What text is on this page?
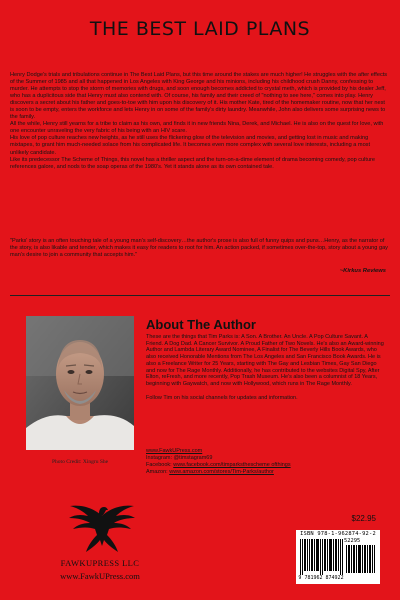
THE BEST LAID PLANS

Henry Dodge's trials and tribulations continue in The Best Laid Plans, but this time around the stakes are much higher! He struggles with the after effects of the Summer of 1985 and all that happened in Los Angeles with King George and his minions, including his childhood crush Danny, confessing to murder. He attempts to stop the storm of memories with drugs, and soon enough becomes addicted to crystal meth, which is provided by his dealer Jeff, who has a duplicitous side that Henry must also contend with. Of course, his family and their creed of "nothing to see here," comes into play. Henry discovers a secret about his father and goes-to-toe with him upon his discovery of it. His mother Kate, tired of the homemaker routine, now that her nest is soon to be empty, enters the workforce and lets Henry in on some of the family's dirty laundry. Meanwhile, John also delivers some surprising news to the family.

All the while, Henry still yearns for a tribe to claim as his own, and finds it in new friends Nina, Derek, and Michael. He is also on the quest for love, with one encounter unraveling the very fabric of his being with an HIV scare.

His love of pop culture reaches new heights, as he still uses the flickering glow of the television and movies, and getting lost in music and making mixtapes, to grant him much-needed solace from his complicated life. It becomes even more complex with several love interests, including a most unlikely candidate.

Like its predecessor The Scheme of Things, this novel has a thriller aspect and the turn-on-a-dime element of drama becoming comedy, pop culture references galore, and nods to the soap operas of the 1980's. Yet it stands alone as its own contained tale.

"Parks' story is an often touching tale of a young man's self-discovery…the author's prose is also full of funny quips and puns…Henry, as the narrator of the story, is also likable and tender, which makes it easy for readers to root for him. An action packed, if sometimes over-the-top, story about a young gay man's desire to join a community that accepts him."
~Kirkus Reviews
Photo Credit: Xingru She
About The Author

These are the things that Tim Parks is: A Son. A Brother. An Uncle. A Pop Culture Savant. A Friend. A Dog Dad. A Cancer Survivor. A Proud Father of Two Novels. He's also an Award-winning Author and Lambda Literary Award Nominee, A Finalist for The Beverly Hills Book Awards, who also received Honorable Mentions from The Los Angeles and San Francisco Book Awards. He is also a Freelance Writer for 25 Years, starting with The Gay and Lesbian Times, Gay San Diego and now for The Rage Monthly. Additionally, he has contributed to the websites Digital Spy, After Elton, reFresh, and more recently, Pop Trash Museum. He's also been a columnist of 18 Years, beginning with Gaywatch, and now with Hollywood, which runs in The Rage Monthly.

Follow Tim on his social channels for updates and information.

www.FawkUPress.com
Instagram: @timstagram69
Facebook: www.facebook.com/timparksthescheme ofthings
Amazon: www.amazon.com/stores/Tim-Parks/author
$22.95
ISBN 978-1-962874-92-2
52295
9 781962 874922
FAWKUPRESS LLC
www.FawkUPress.com
